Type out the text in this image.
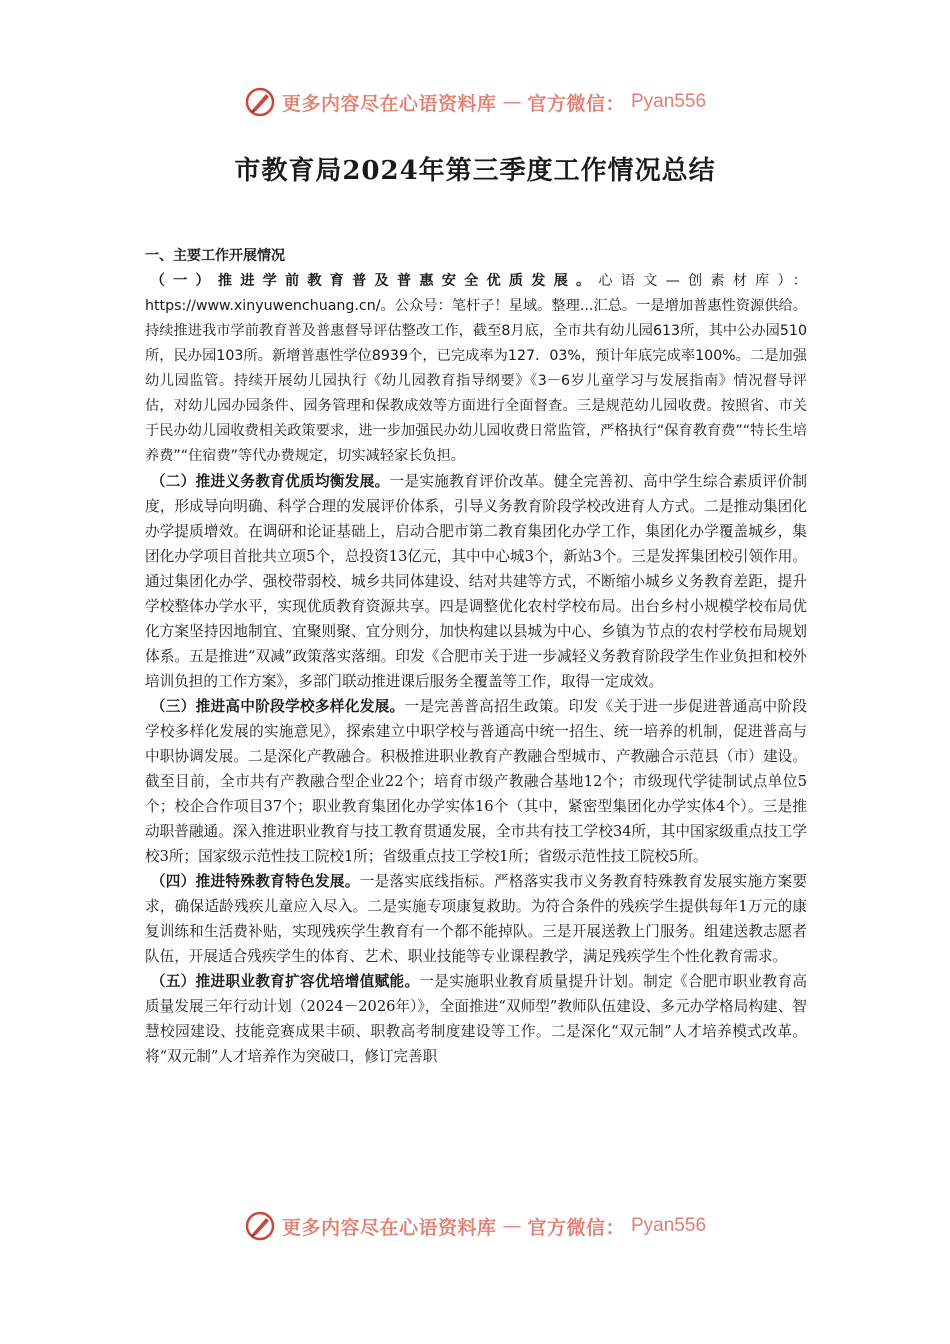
更多内容尽在心语资料库 — 官方微信： Pyan556
市教育局2024年第三季度工作情况总结

一、主要工作开展情况

（一）推进学前教育普及普惠安全优质发展。心语文—创素材库）：https://www.xinyuwenchuang.cn/。公众号：笔杆子！星域。整理...汇总。一是增加普惠性资源供给。持续推进我市学前教育普及普惠督导评估整改工作，截至8月底，全市共有幼儿园613所，其中公办园510所，民办园103所。新增普惠性学位8939个，已完成率为127．03%，预计年底完成率100%。二是加强幼儿园监管。持续开展幼儿园执行《幼儿园教育指导纲要》《3－6岁儿童学习与发展指南》情况督导评估，对幼儿园办园条件、园务管理和保教成效等方面进行全面督查。三是规范幼儿园收费。按照省、市关于民办幼儿园收费相关政策要求，进一步加强民办幼儿园收费日常监管，严格执行“保育教育费”“特长生培养费”“住宿费”等代办费规定，切实减轻家长负担。

（二）推进义务教育优质均衡发展。一是实施教育评价改革。健全完善初、高中学生综合素质评价制度，形成导向明确、科学合理的发展评价体系，引导义务教育阶段学校改进育人方式。二是推动集团化办学提质增效。在调研和论证基础上，启动合肥市第二教育集团化办学工作，集团化办学覆盖城乡，集团化办学项目首批共立项5个，总投资13亿元，其中中心城3个，新站3个。三是发挥集团校引领作用。通过集团化办学、强校带弱校、城乡共同体建设、结对共建等方式，不断缩小城乡义务教育差距，提升学校整体办学水平，实现优质教育资源共享。四是调整优化农村学校布局。出台乡村小规模学校布局优化方案坚持因地制宜、宜聚则聚、宜分则分，加快构建以县城为中心、乡镇为节点的农村学校布局规划体系。五是推进“双减”政策落实落细。印发《合肥市关于进一步减轻义务教育阶段学生作业负担和校外培训负担的工作方案》，多部门联动推进课后服务全覆盖等工作，取得一定成效。

（三）推进高中阶段学校多样化发展。一是完善普高招生政策。印发《关于进一步促进普通高中阶段学校多样化发展的实施意见》，探索建立中职学校与普通高中统一招生、统一培养的机制，促进普高与中职协调发展。二是深化产教融合。积极推进职业教育产教融合型城市、产教融合示范县（市）建设。截至目前，全市共有产教融合型企业22个；培育市级产教融合基地12个；市级现代学徒制试点单位5个；校企合作项目37个；职业教育集团化办学实体16个（其中，紧密型集团化办学实体4个）。三是推动职普融通。深入推进职业教育与技工教育贯通发展，全市共有技工学校34所，其中国家级重点技工学校3所；国家级示范性技工院校1所；省级重点技工学校1所；省级示范性技工院校5所。

（四）推进特殊教育特色发展。一是落实底线指标。严格落实我市义务教育特殊教育发展实施方案要求，确保适龄残疾儿童应入尽入。二是实施专项康复救助。为符合条件的残疾学生提供每年1万元的康复训练和生活费补贴，实现残疾学生教育有一个都不能掉队。三是开展送教上门服务。组建送教志愿者队伍，开展适合残疾学生的体育、艺术、职业技能等专业课程教学，满足残疾学生个性化教育需求。

（五）推进职业教育扩容优培增值赋能。一是实施职业教育质量提升计划。制定《合肥市职业教育高质量发展三年行动计划（2024－2026年）》，全面推进“双师型”教师队伍建设、多元办学格局构建、智慧校园建设、技能竞赛成果丰硕、职教高考制度建设等工作。二是深化“双元制”人才培养模式改革。将“双元制”人才培养作为突破口，修订完善职

更多内容尽在心语资料库 — 官方微信： Pyan556
